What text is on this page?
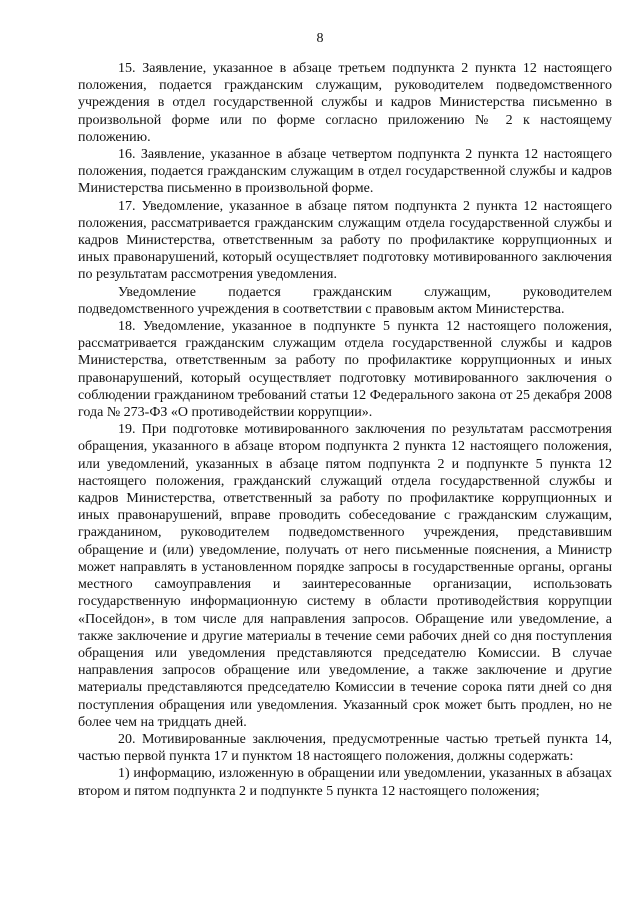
8

15. Заявление, указанное в абзаце третьем подпункта 2 пункта 12 настоящего положения, подается гражданским служащим, руководителем подведомственного учреждения в отдел государственной службы и кадров Министерства письменно в произвольной форме или по форме согласно приложению № 2 к настоящему положению.

16. Заявление, указанное в абзаце четвертом подпункта 2 пункта 12 настоящего положения, подается гражданским служащим в отдел государственной службы и кадров Министерства письменно в произвольной форме.

17. Уведомление, указанное в абзаце пятом подпункта 2 пункта 12 настоящего положения, рассматривается гражданским служащим отдела государственной службы и кадров Министерства, ответственным за работу по профилактике коррупционных и иных правонарушений, который осуществляет подготовку мотивированного заключения по результатам рассмотрения уведомления.

Уведомление подается гражданским служащим, руководителем подведомственного учреждения в соответствии с правовым актом Министерства.

18. Уведомление, указанное в подпункте 5 пункта 12 настоящего положения, рассматривается гражданским служащим отдела государственной службы и кадров Министерства, ответственным за работу по профилактике коррупционных и иных правонарушений, который осуществляет подготовку мотивированного заключения о соблюдении гражданином требований статьи 12 Федерального закона от 25 декабря 2008 года № 273-ФЗ «О противодействии коррупции».

19. При подготовке мотивированного заключения по результатам рассмотрения обращения, указанного в абзаце втором подпункта 2 пункта 12 настоящего положения, или уведомлений, указанных в абзаце пятом подпункта 2 и подпункте 5 пункта 12 настоящего положения, гражданский служащий отдела государственной службы и кадров Министерства, ответственный за работу по профилактике коррупционных и иных правонарушений, вправе проводить собеседование с гражданским служащим, гражданином, руководителем подведомственного учреждения, представившим обращение и (или) уведомление, получать от него письменные пояснения, а Министр может направлять в установленном порядке запросы в государственные органы, органы местного самоуправления и заинтересованные организации, использовать государственную информационную систему в области противодействия коррупции «Посейдон», в том числе для направления запросов. Обращение или уведомление, а также заключение и другие материалы в течение семи рабочих дней со дня поступления обращения или уведомления представляются председателю Комиссии. В случае направления запросов обращение или уведомление, а также заключение и другие материалы представляются председателю Комиссии в течение сорока пяти дней со дня поступления обращения или уведомления. Указанный срок может быть продлен, но не более чем на тридцать дней.

20. Мотивированные заключения, предусмотренные частью третьей пункта 14, частью первой пункта 17 и пунктом 18 настоящего положения, должны содержать:

1) информацию, изложенную в обращении или уведомлении, указанных в абзацах втором и пятом подпункта 2 и подпункте 5 пункта 12 настоящего положения;
